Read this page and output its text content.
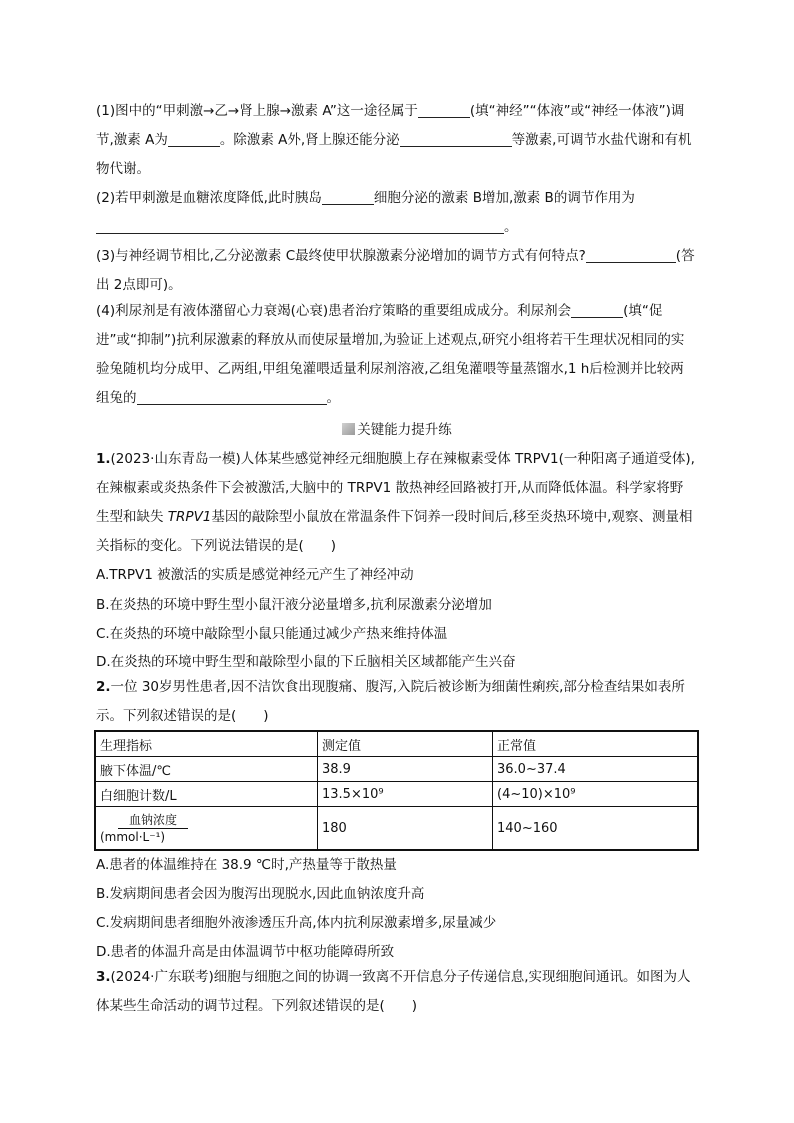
(1)图中的“甲刺激→乙→肾上腺→激素 A”这一途径属于	(填“神经”“体液”或“神经一体液”)调节,激素 A为	。除激素 A外,肾上腺还能分泌	等激素,可调节水盐代谢和有机物代谢。

(2)若甲刺激是血糖浓度降低,此时胰岛	细胞分泌的激素 B增加,激素 B的调节作用为。

(3)与神经调节相比,乙分泌激素 C最终使甲状腺激素分泌增加的调节方式有何特点?	(答出 2点即可)。

(4)利尿剂是有液体潴留心力衰竭(心衰)患者治疗策略的重要组成成分。利尿剂会	(填“促进”或“抑制”)抗利尿激素的释放从而使尿量增加,为验证上述观点,研究小组将若干生理状况相同的实验兔随机均分成甲、乙两组,甲组兔灌喂适量利尿剂溶液,乙组兔灌喂等量蒸馏水,1 h后检测并比较两组兔的	。

关键能力提升练

1.(2023·山东青岛一模)人体某些感觉神经元细胞膜上存在辣椒素受体 TRPV1(一种阳离子通道受体),在辣椒素或炎热条件下会被激活,大脑中的 TRPV1 散热神经回路被打开,从而降低体温。科学家将野生型和缺失 TRPV1基因的敲除型小鼠放在常温条件下饲养一段时间后,移至炎热环境中,观察、测量相关指标的变化。下列说法错误的是(　　)

A.TRPV1 被激活的实质是感觉神经元产生了神经冲动
B.在炎热的环境中野生型小鼠汗液分泌量增多,抗利尿激素分泌增加
C.在炎热的环境中敲除型小鼠只能通过减少产热来维持体温
D.在炎热的环境中野生型和敲除型小鼠的下丘脑相关区域都能产生兴奋

2.一位 30岁男性患者,因不洁饮食出现腹痛、腹泻,入院后被诊断为细菌性痢疾,部分检查结果如表所示。下列叙述错误的是(　　)

生理指标	测定值	正常值
腋下体温/℃	38.9	36.0~37.4
白细胞计数/L	13.5×10⁹	(4~10)×10⁹

血钠浓度
(mmol·L⁻¹)	180	140~160
A.患者的体温维持在 38.9 ℃时,产热量等于散热量
B.发病期间患者会因为腹泻出现脱水,因此血钠浓度升高
C.发病期间患者细胞外液渗透压升高,体内抗利尿激素增多,尿量减少
D.患者的体温升高是由体温调节中枢功能障碍所致

3.(2024·广东联考)细胞与细胞之间的协调一致离不开信息分子传递信息,实现细胞间通讯。如图为人体某些生命活动的调节过程。下列叙述错误的是(　　)
